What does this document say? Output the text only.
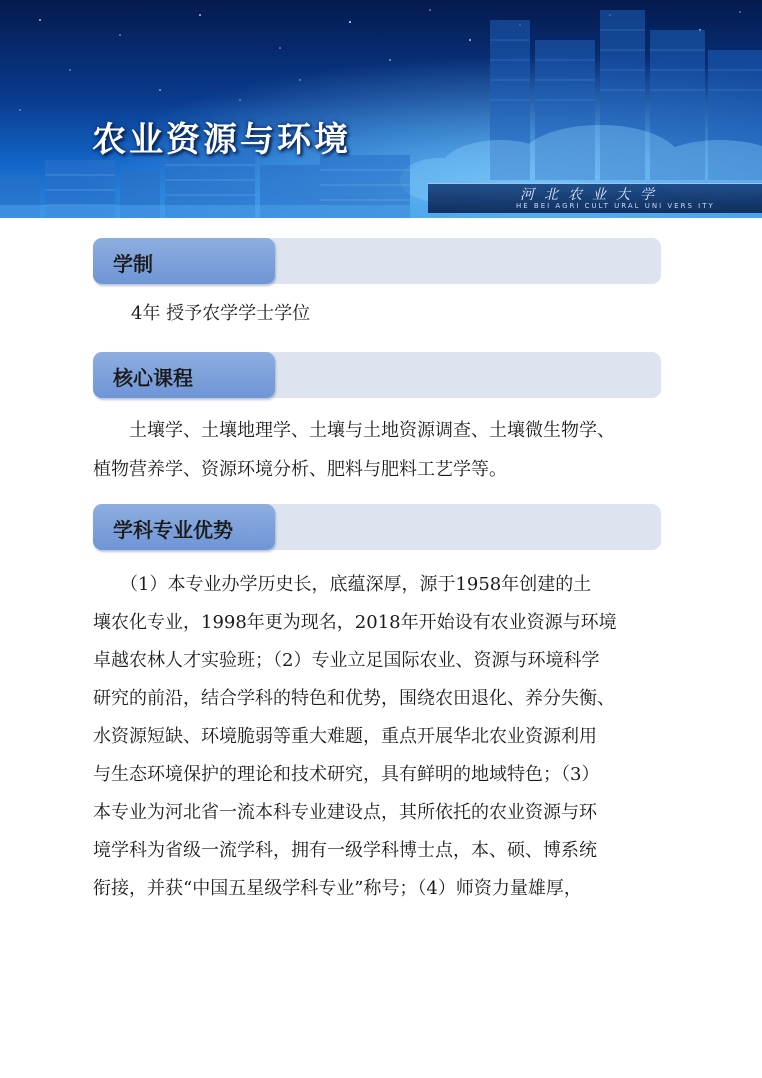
农业资源与环境
河北农业大学
HE BEI AGRI CULT URAL UNI VERS ITY
学制
4年 授予农学学士学位
核心课程
　　土壤学、土壤地理学、土壤与土地资源调查、土壤微生物学、
植物营养学、资源环境分析、肥料与肥料工艺学等。
学科专业优势
　　（1）本专业办学历史长，底蕴深厚，源于1958年创建的土
壤农化专业，1998年更为现名，2018年开始设有农业资源与环境
卓越农林人才实验班；（2）专业立足国际农业、资源与环境科学
研究的前沿，结合学科的特色和优势，围绕农田退化、养分失衡、
水资源短缺、环境脆弱等重大难题，重点开展华北农业资源利用
与生态环境保护的理论和技术研究，具有鲜明的地域特色；（3）
本专业为河北省一流本科专业建设点，其所依托的农业资源与环
境学科为省级一流学科，拥有一级学科博士点，本、硕、博系统
衔接，并获“中国五星级学科专业”称号；（4）师资力量雄厚，
